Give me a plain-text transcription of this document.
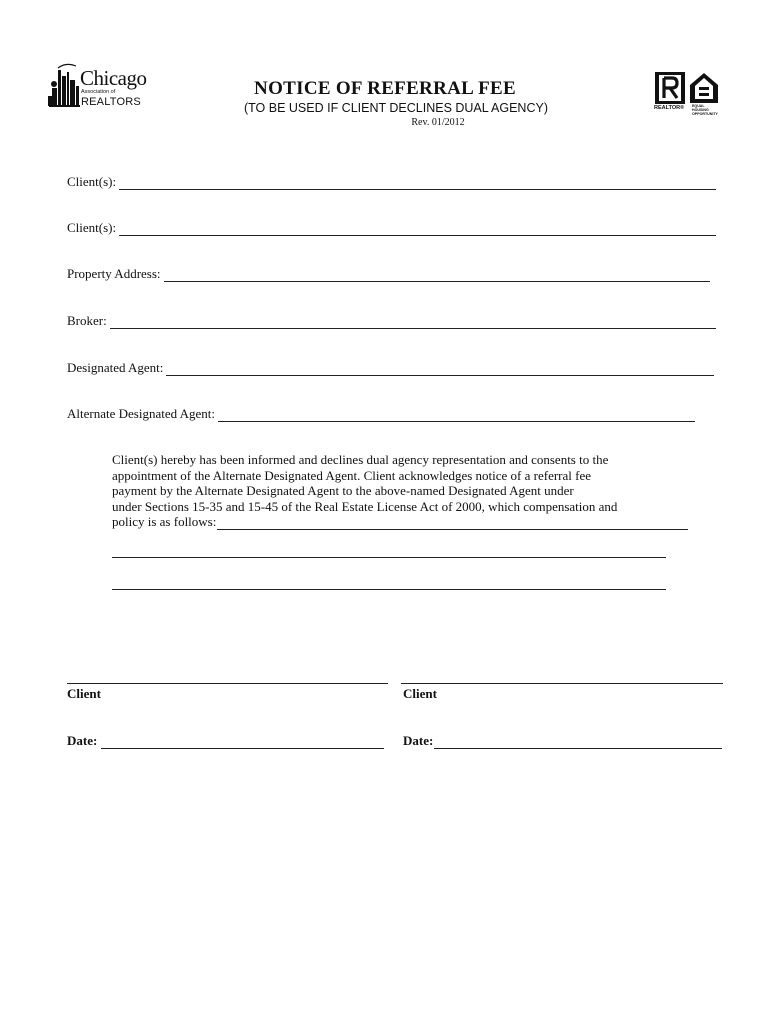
Chicago
Association of
REALTORS
NOTICE OF REFERRAL FEE
(TO BE USED IF CLIENT DECLINES DUAL AGENCY)
Rev. 01/2012
REALTOR® EQUAL HOUSING OPPORTUNITY
Client(s):
Client(s):
Property Address:
Broker:
Designated Agent:
Alternate Designated Agent:
Client(s) hereby has been informed and declines dual agency representation and consents to the
appointment of the Alternate Designated Agent. Client acknowledges notice of a referral fee
payment by the Alternate Designated Agent to the above-named Designated Agent under
under Sections 15-35 and 15-45 of the Real Estate License Act of 2000, which compensation and
policy is as follows:
Client	Client
Date:	Date:
